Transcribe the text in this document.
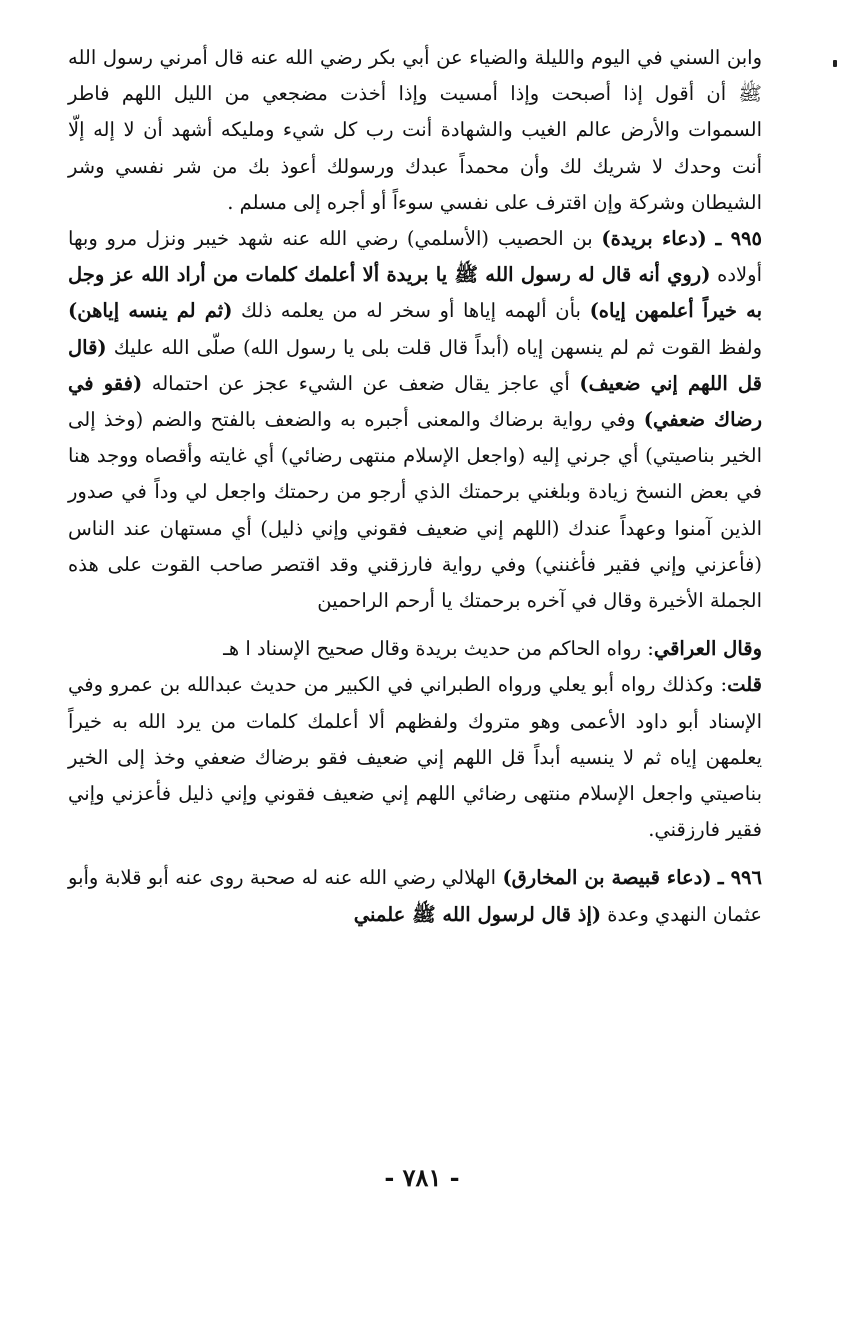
وابن السني في اليوم والليلة والضياء عن أبي بكر رضي الله عنه قال أمرني رسول الله ﷺ أن أقول إذا أصبحت وإذا أمسيت وإذا أخذت مضجعي من الليل اللهم فاطر السموات والأرض عالم الغيب والشهادة أنت رب كل شيء ومليكه أشهد أن لا إله إلّا أنت وحدك لا شريك لك وأن محمداً عبدك ورسولك أعوذ بك من شر نفسي وشر الشيطان وشركة وإن اقترف على نفسي سوءاً أو أجره إلى مسلم .

٩٩٥ ـ (دعاء بريدة) بن الحصيب (الأسلمي) رضي الله عنه شهد خيبر ونزل مرو وبها أولاده (روي أنه قال له رسول الله ﷺ يا بريدة ألا أعلمك كلمات من أراد الله عز وجل به خيراً أعلمهن إياه) بأن ألهمه إياها أو سخر له من يعلمه ذلك (ثم لم ينسه إياهن) ولفظ القوت ثم لم ينسهن إياه (أبداً قال قلت بلى يا رسول الله) صلّى الله عليك (قال قل اللهم إني ضعيف) أي عاجز يقال ضعف عن الشيء عجز عن احتماله (فقو في رضاك ضعفي) وفي رواية برضاك والمعنى أجبره به والضعف بالفتح والضم (وخذ إلى الخير بناصيتي) أي جرني إليه (واجعل الإسلام منتهى رضائي) أي غايته وأقصاه ووجد هنا في بعض النسخ زيادة وبلغني برحمتك الذي أرجو من رحمتك واجعل لي وداً في صدور الذين آمنوا وعهداً عندك (اللهم إني ضعيف فقوني وإني ذليل) أي مستهان عند الناس (فأعزني وإني فقير فأغنني) وفي رواية فارزقني وقد اقتصر صاحب القوت على هذه الجملة الأخيرة وقال في آخره برحمتك يا أرحم الراحمين

وقال العراقي: رواه الحاكم من حديث بريدة وقال صحيح الإسناد ا هـ

قلت: وكذلك رواه أبو يعلي ورواه الطبراني في الكبير من حديث عبدالله بن عمرو وفي الإسناد أبو داود الأعمى وهو متروك ولفظهم ألا أعلمك كلمات من يرد الله به خيراً يعلمهن إياه ثم لا ينسيه أبداً قل اللهم إني ضعيف فقو برضاك ضعفي وخذ إلى الخير بناصيتي واجعل الإسلام منتهى رضائي اللهم إني ضعيف فقوني وإني ذليل فأعزني وإني فقير فارزقني.

٩٩٦ ـ (دعاء قبيصة بن المخارق) الهلالي رضي الله عنه له صحبة روى عنه أبو قلابة وأبو عثمان النهدي وعدة (إذ قال لرسول الله ﷺ علمني

- ٧٨١ -
